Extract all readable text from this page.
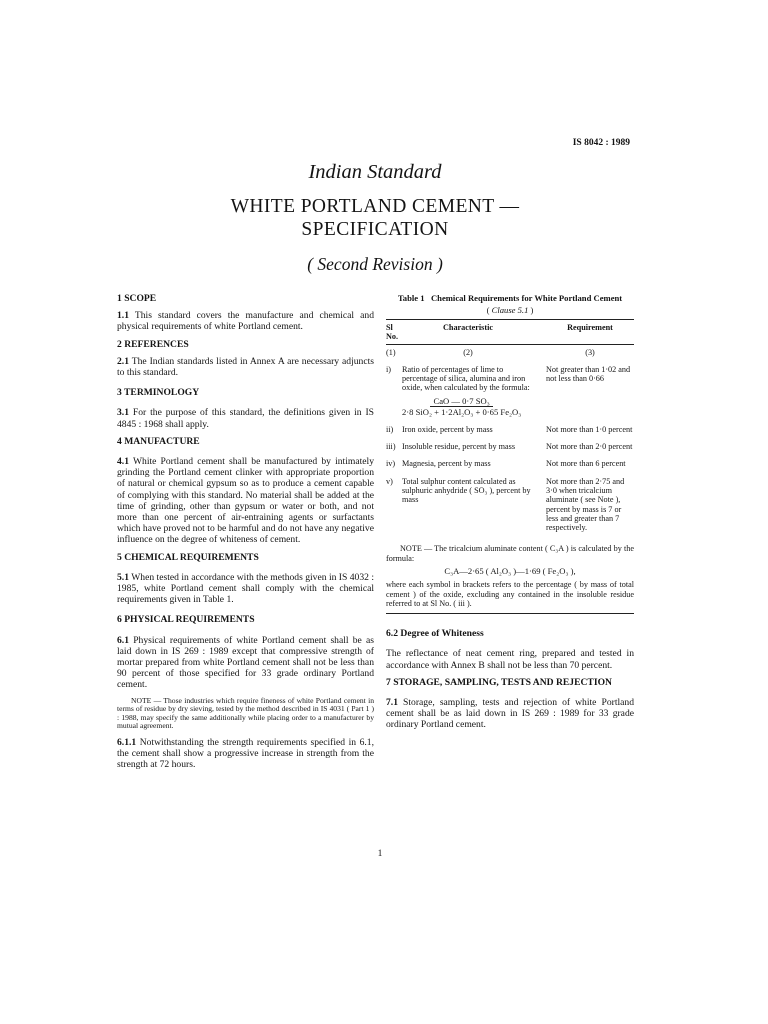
IS 8042 : 1989

Indian Standard

WHITE PORTLAND CEMENT —

SPECIFICATION

( Second Revision )

1 SCOPE

1.1 This standard covers the manufacture and chemical and physical requirements of white Portland cement.

2 REFERENCES

2.1 The Indian standards listed in Annex A are necessary adjuncts to this standard.

3 TERMINOLOGY

3.1 For the purpose of this standard, the definitions given in IS 4845 : 1968 shall apply.

4 MANUFACTURE

4.1 White Portland cement shall be manufactured by intimately grinding the Portland cement clinker with appropriate proportion of natural or chemical gypsum so as to produce a cement capable of complying with this standard. No material shall be added at the time of grinding, other than gypsum or water or both, and not more than one percent of air-entraining agents or surfactants which have proved not to be harmful and do not have any negative influence on the degree of whiteness of cement.

5 CHEMICAL REQUIREMENTS

5.1 When tested in accordance with the methods given in IS 4032 : 1985, white Portland cement shall comply with the chemical requirements given in Table 1.

6 PHYSICAL REQUIREMENTS

6.1 Physical requirements of white Portland cement shall be as laid down in IS 269 : 1989 except that compressive strength of mortar prepared from white Portland cement shall not be less than 90 percent of those specified for 33 grade ordinary Portland cement.

NOTE — Those industries which require fineness of white Portland cement in terms of residue by dry sieving, tested by the method described in IS 4031 ( Part 1 ) : 1988, may specify the same additionally while placing order to a manufacturer by mutual agreement.

6.1.1 Notwithstanding the strength requirements specified in 6.1, the cement shall show a progressive increase in strength from the strength at 72 hours.

Table 1 Chemical Requirements for White Portland Cement
( Clause 5.1 )
Sl No.	Characteristic	Requirement

(1)	(2)	(3)

i)	Ratio of percentages of lime to percentage of silica, alumina and iron oxide, when calculated by the formula:	Not greater than 1·02 and not less than 0·66
	CaO — 0·7 SO₃
2·8 SiO₂ + 1·2Al₂O₃ + 0·65 Fe₂O₃	

ii)	Iron oxide, percent by mass	Not more than 1·0 percent

iii)	Insoluble residue, percent by mass	Not more than 2·0 percent

iv)	Magnesia, percent by mass	Not more than 6 percent

v)	Total sulphur content calculated as sulphuric anhydride ( SO₃ ), percent by mass	Not more than 2·75 and 3·0 when tricalcium aluminate ( see Note ), percent by mass is 7 or less and greater than 7 respectively.

NOTE — The tricalcium aluminate content ( C₃A ) is calculated by the formula:

C₃A—2·65 ( Al₂O₃ )—1·69 ( Fe₂O₃ ),

where each symbol in brackets refers to the percentage ( by mass of total cement ) of the oxide, excluding any contained in the insoluble residue referred to at Sl No. ( iii ).

6.2 Degree of Whiteness

The reflectance of neat cement ring, prepared and tested in accordance with Annex B shall not be less than 70 percent.

7 STORAGE, SAMPLING, TESTS AND REJECTION

7.1 Storage, sampling, tests and rejection of white Portland cement shall be as laid down in IS 269 : 1989 for 33 grade ordinary Portland cement.

1
